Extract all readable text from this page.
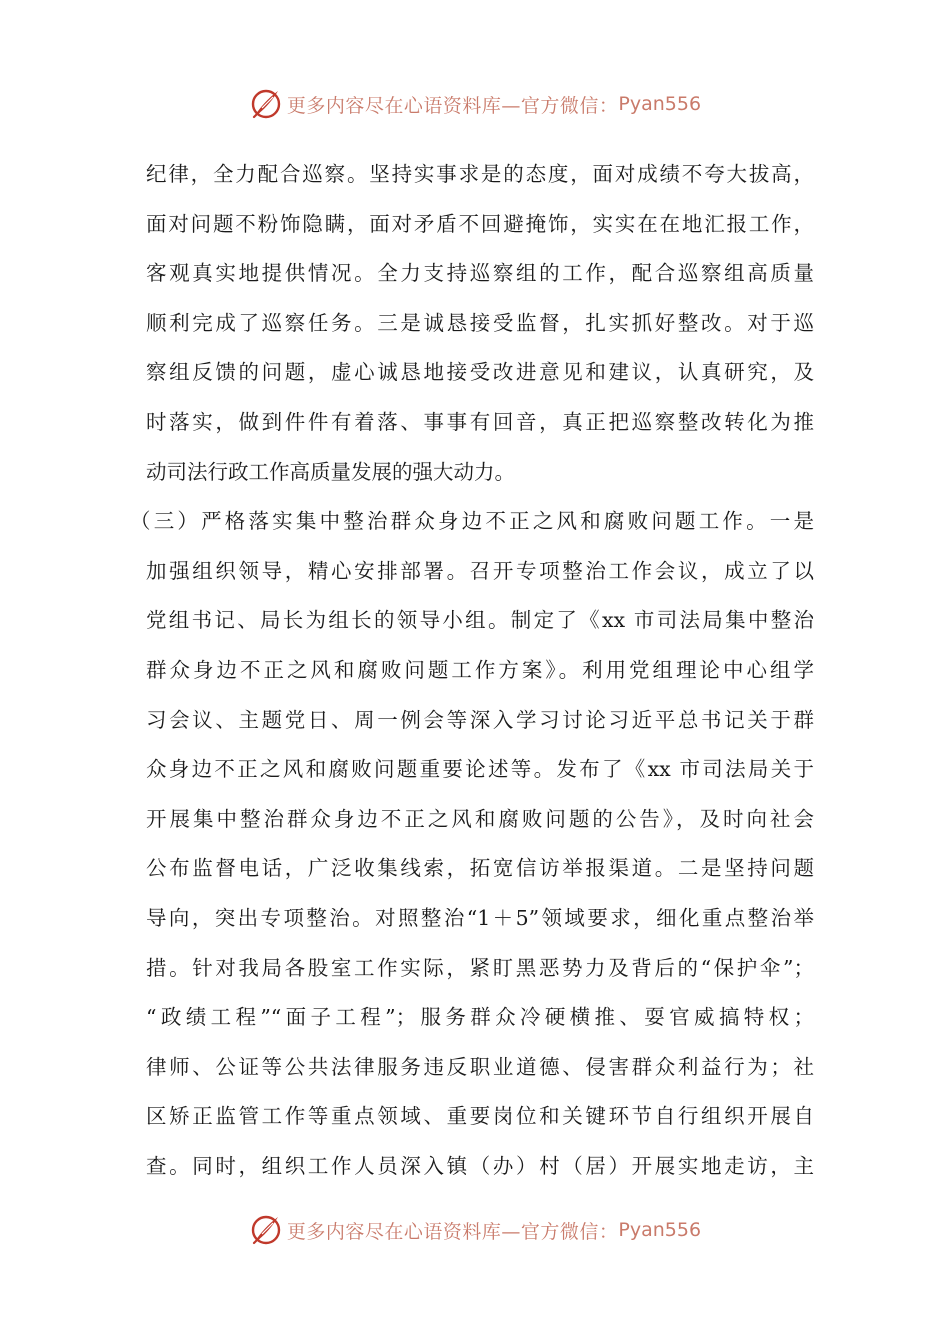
更多内容尽在心语资料库—官方微信： Pyan556
纪律，全力配合巡察。坚持实事求是的态度，面对成绩不夸大拔高，
面对问题不粉饰隐瞒，面对矛盾不回避掩饰，实实在在地汇报工作，
客观真实地提供情况。全力支持巡察组的工作，配合巡察组高质量
顺利完成了巡察任务。三是诚恳接受监督，扎实抓好整改。对于巡
察组反馈的问题，虚心诚恳地接受改进意见和建议，认真研究，及
时落实，做到件件有着落、事事有回音，真正把巡察整改转化为推
动司法行政工作高质量发展的强大动力。
（三）严格落实集中整治群众身边不正之风和腐败问题工作。一是
加强组织领导，精心安排部署。召开专项整治工作会议，成立了以
党组书记、局长为组长的领导小组。制定了《xx 市司法局集中整治
群众身边不正之风和腐败问题工作方案》。利用党组理论中心组学
习会议、主题党日、周一例会等深入学习讨论习近平总书记关于群
众身边不正之风和腐败问题重要论述等。发布了《xx 市司法局关于
开展集中整治群众身边不正之风和腐败问题的公告》，及时向社会
公布监督电话，广泛收集线索，拓宽信访举报渠道。二是坚持问题
导向，突出专项整治。对照整治“1＋5”领域要求，细化重点整治举
措。针对我局各股室工作实际，紧盯黑恶势力及背后的“保护伞”；
“政绩工程”“面子工程”；服务群众冷硬横推、耍官威搞特权；
律师、公证等公共法律服务违反职业道德、侵害群众利益行为；社
区矫正监管工作等重点领域、重要岗位和关键环节自行组织开展自
查。同时，组织工作人员深入镇（办）村（居）开展实地走访，主
更多内容尽在心语资料库—官方微信： Pyan556
